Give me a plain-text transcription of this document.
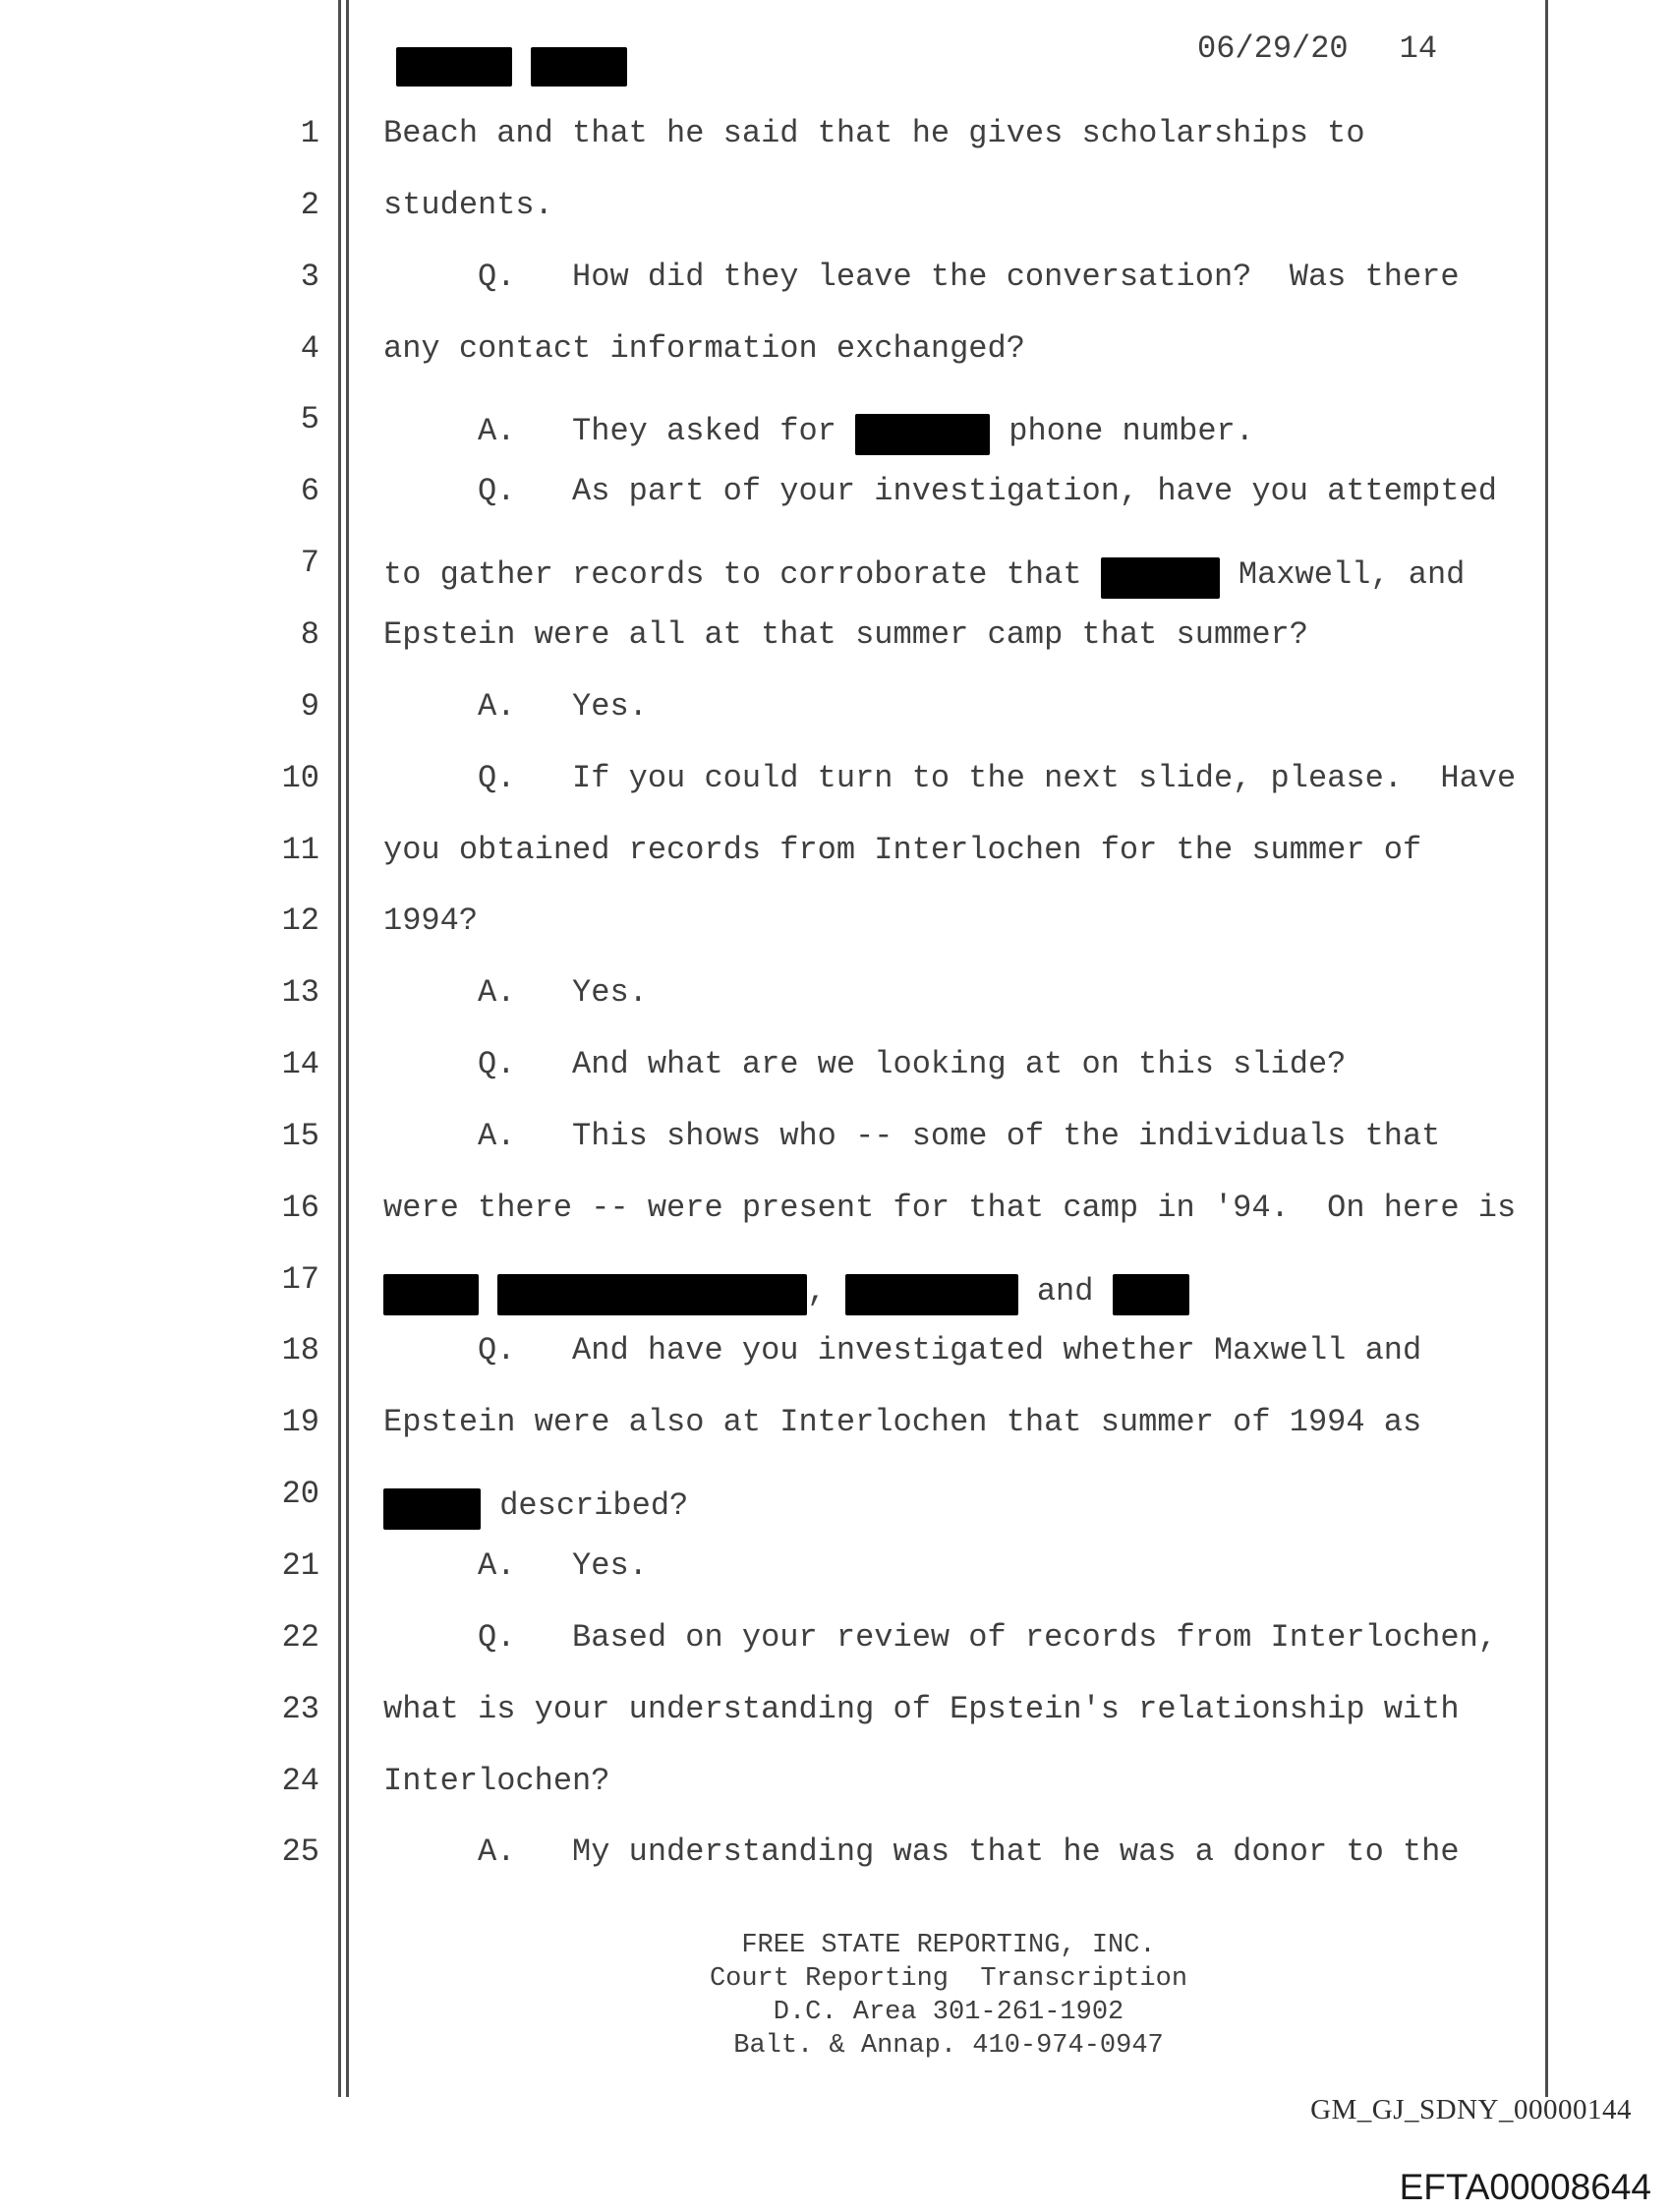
06/29/20 14
1 Beach and that he said that he gives scholarships to
2 students.
3 Q.   How did they leave the conversation?  Was there
4 any contact information exchanged?
5 A.   They asked for	phone number.
6 Q.   As part of your investigation, have you attempted
7 to gather records to corroborate that	Maxwell, and
8 Epstein were all at that summer camp that summer?
9 A.   Yes.
10 Q.   If you could turn to the next slide, please.  Have
11 you obtained records from Interlochen for the summer of
12 1994?
13 A.   Yes.
14 Q.   And what are we looking at on this slide?
15 A.   This shows who -- some of the individuals that
16 were there -- were present for that camp in '94.  On here is
17	,	and
18 Q.   And have you investigated whether Maxwell and
19 Epstein were also at Interlochen that summer of 1994 as
20	described?
21 A.   Yes.
22 Q.   Based on your review of records from Interlochen,
23 what is your understanding of Epstein's relationship with
24 Interlochen?
25 A.   My understanding was that he was a donor to the
FREE STATE REPORTING, INC.
Court Reporting  Transcription
D.C. Area 301-261-1902
Balt. & Annap. 410-974-0947
GM_GJ_SDNY_00000144
EFTA00008644
